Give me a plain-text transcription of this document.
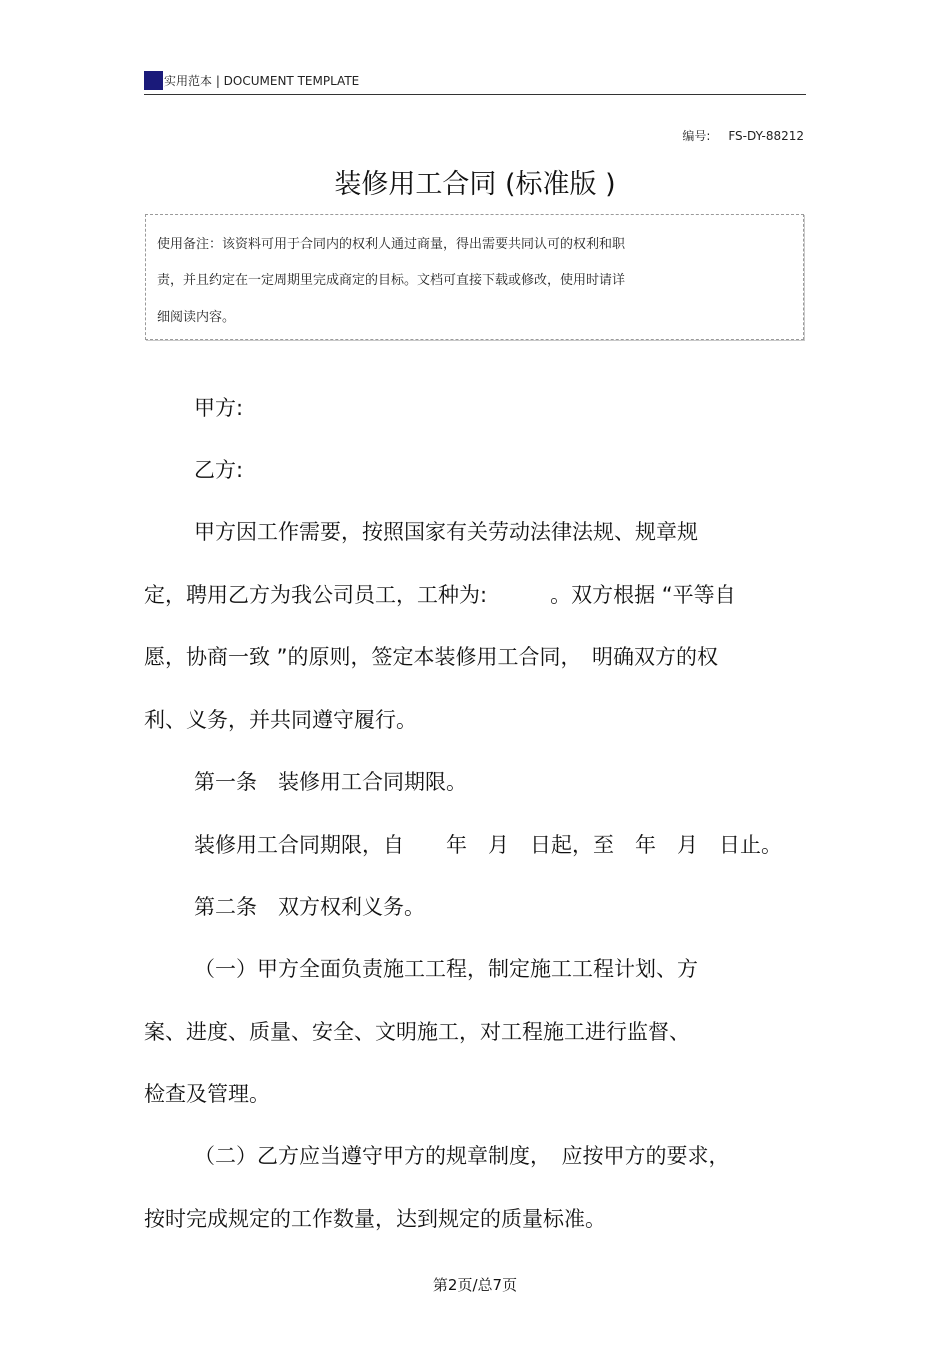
实用范本 | DOCUMENT TEMPLATE
编号: FS-DY-88212
装修用工合同 (标准版 )
使用备注：该资料可用于合同内的权利人通过商量，得出需要共同认可的权利和职
责，并且约定在一定周期里完成商定的目标。文档可直接下载或修改，使用时请详
细阅读内容。
甲方:
乙方:
甲方因工作需要，按照国家有关劳动法律法规、规章规
定，聘用乙方为我公司员工，工种为:　　　。双方根据 “平等自
愿，协商一致 ”的原则，签定本装修用工合同，　明确双方的权
利、义务，并共同遵守履行。
第一条　装修用工合同期限。
装修用工合同期限，自　　年　月　日起，至　年　月　日止。
第二条　双方权利义务。
（一）甲方全面负责施工工程，制定施工工程计划、方
案、进度、质量、安全、文明施工，对工程施工进行监督、
检查及管理。
（二）乙方应当遵守甲方的规章制度，　应按甲方的要求，
按时完成规定的工作数量，达到规定的质量标准。
第2页/总7页
